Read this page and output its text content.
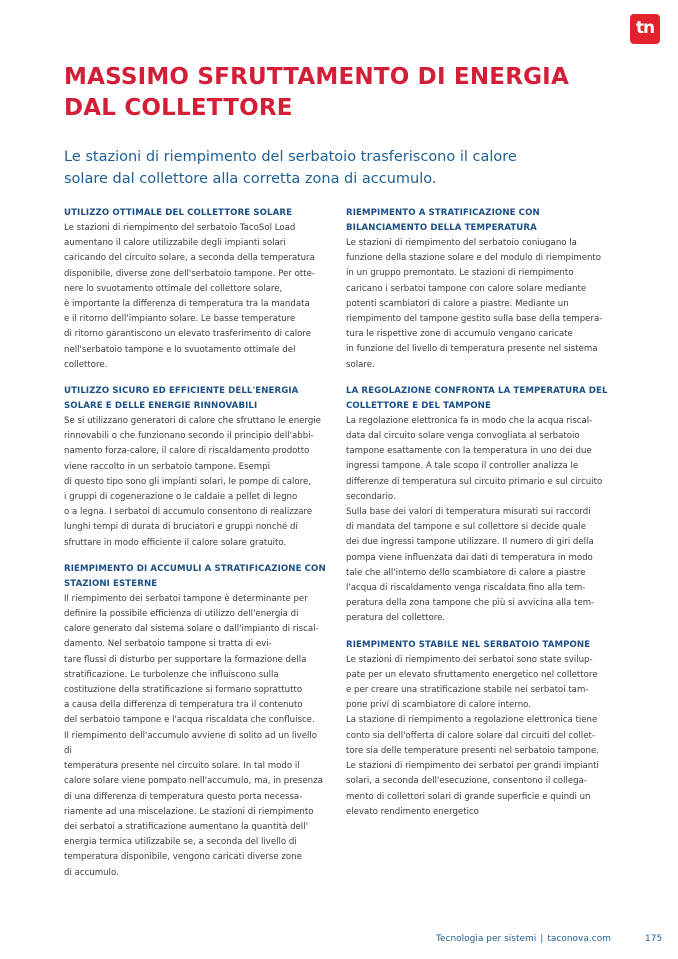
tn
MASSIMO SFRUTTAMENTO DI ENERGIA DAL COLLETTORE

Le stazioni di riempimento del serbatoio trasferiscono il calore solare dal collettore alla corretta zona di accumulo.

UTILIZZO OTTIMALE DEL COLLETTORE SOLARE
Le stazioni di riempimento del serbatoio TacoSol Load
aumentano il calore utilizzabile degli impianti solari
caricando del circuito solare, a seconda della temperatura
disponibile, diverse zone dell'serbatoio tampone. Per otte-
nere lo svuotamento ottimale del collettore solare,
è importante la differenza di temperatura tra la mandata
e il ritorno dell'impianto solare. Le basse temperature
di ritorno garantiscono un elevato trasferimento di calore
nell'serbatoio tampone e lo svuotamento ottimale del
collettore.
UTILIZZO SICURO ED EFFICIENTE DELL'ENERGIA SOLARE E DELLE ENERGIE RINNOVABILI
Se si utilizzano generatori di calore che sfruttano le energie
rinnovabili o che funzionano secondo il principio dell'abbi-
namento forza-calore, il calore di riscaldamento prodotto
viene raccolto in un serbatoio tampone. Esempi
di questo tipo sono gli impianti solari, le pompe di calore,
i gruppi di cogenerazione o le caldaie a pellet di legno
o a legna. I serbatoi di accumulo consentono di realizzare
lunghi tempi di durata di bruciatori e gruppi nonché di
sfruttare in modo efficiente il calore solare gratuito.
RIEMPIMENTO DI ACCUMULI A STRATIFICAZIONE CON STAZIONI ESTERNE
Il riempimento dei serbatoi tampone è determinante per
definire la possibile efficienza di utilizzo dell'energia di
calore generato dal sistema solare o dall'impianto di riscal-
damento. Nel serbatoio tampone si tratta di evi-
tare flussi di disturbo per supportare la formazione della
stratificazione. Le turbolenze che influiscono sulla
costituzione della stratificazione si formano soprattutto
a causa della differenza di temperatura tra il contenuto
del serbatoio tampone e l'acqua riscaldata che confluisce.
Il riempimento dell'accumulo avviene di solito ad un livello di
temperatura presente nel circuito solare. In tal modo il
calore solare viene pompato nell'accumulo, ma, in presenza
di una differenza di temperatura questo porta necessa-
riamente ad una miscelazione. Le stazioni di riempimento
dei serbatoi a stratificazione aumentano la quantità dell'
energia termica utilizzabile se, a seconda del livello di
temperatura disponibile, vengono caricati diverse zone
di accumulo.
RIEMPIMENTO A STRATIFICAZIONE CON BILANCIAMENTO DELLA TEMPERATURA
Le stazioni di riempimento del serbatoio coniugano la
funzione della stazione solare e del modulo di riempimento
in un gruppo premontato. Le stazioni di riempimento
caricano i serbatoi tampone con calore solare mediante
potenti scambiatori di calore a piastre. Mediante un
riempimento del tampone gestito sulla base della tempera-
tura le rispettive zone di accumulo vengano caricate
in funzione del livello di temperatura presente nel sistema
solare.
LA REGOLAZIONE CONFRONTA LA TEMPERATURA DEL COLLETTORE E DEL TAMPONE
La regolazione elettronica fa in modo che la acqua riscal-
data dal circuito solare venga convogliata al serbatoio
tampone esattamente con la temperatura in uno dei due
ingressi tampone. A tale scopo il controller analizza le
differenze di temperatura sul circuito primario e sul circuito
secondario.
Sulla base dei valori di temperatura misurati sui raccordi
di mandata del tampone e sul collettore si decide quale
dei due ingressi tampone utilizzare. Il numero di giri della
pompa viene influenzata dai dati di temperatura in modo
tale che all'interno dello scambiatore di calore a piastre
l'acqua di riscaldamento venga riscaldata fino alla tem-
peratura della zona tampone che più si avvicina alla tem-
peratura del collettore.
RIEMPIMENTO STABILE NEL SERBATOIO TAMPONE
Le stazioni di riempimento dei serbatoi sono state svilup-
pate per un elevato sfruttamento energetico nel collettore
e per creare una stratificazione stabile nei serbatoi tam-
pone privi di scambiatore di calore interno.
La stazione di riempimento a regolazione elettronica tiene
conto sia dell'offerta di calore solare dal circuiti del collet-
tore sia delle temperature presenti nel serbatoio tampone.
Le stazioni di riempimento dei serbatoi per grandi impianti
solari, a seconda dell'esecuzione, consentono il collega-
mento di collettori solari di grande superficie e quindi un
elevato rendimento energetico
Tecnologia per sistemi | taconova.com	175
